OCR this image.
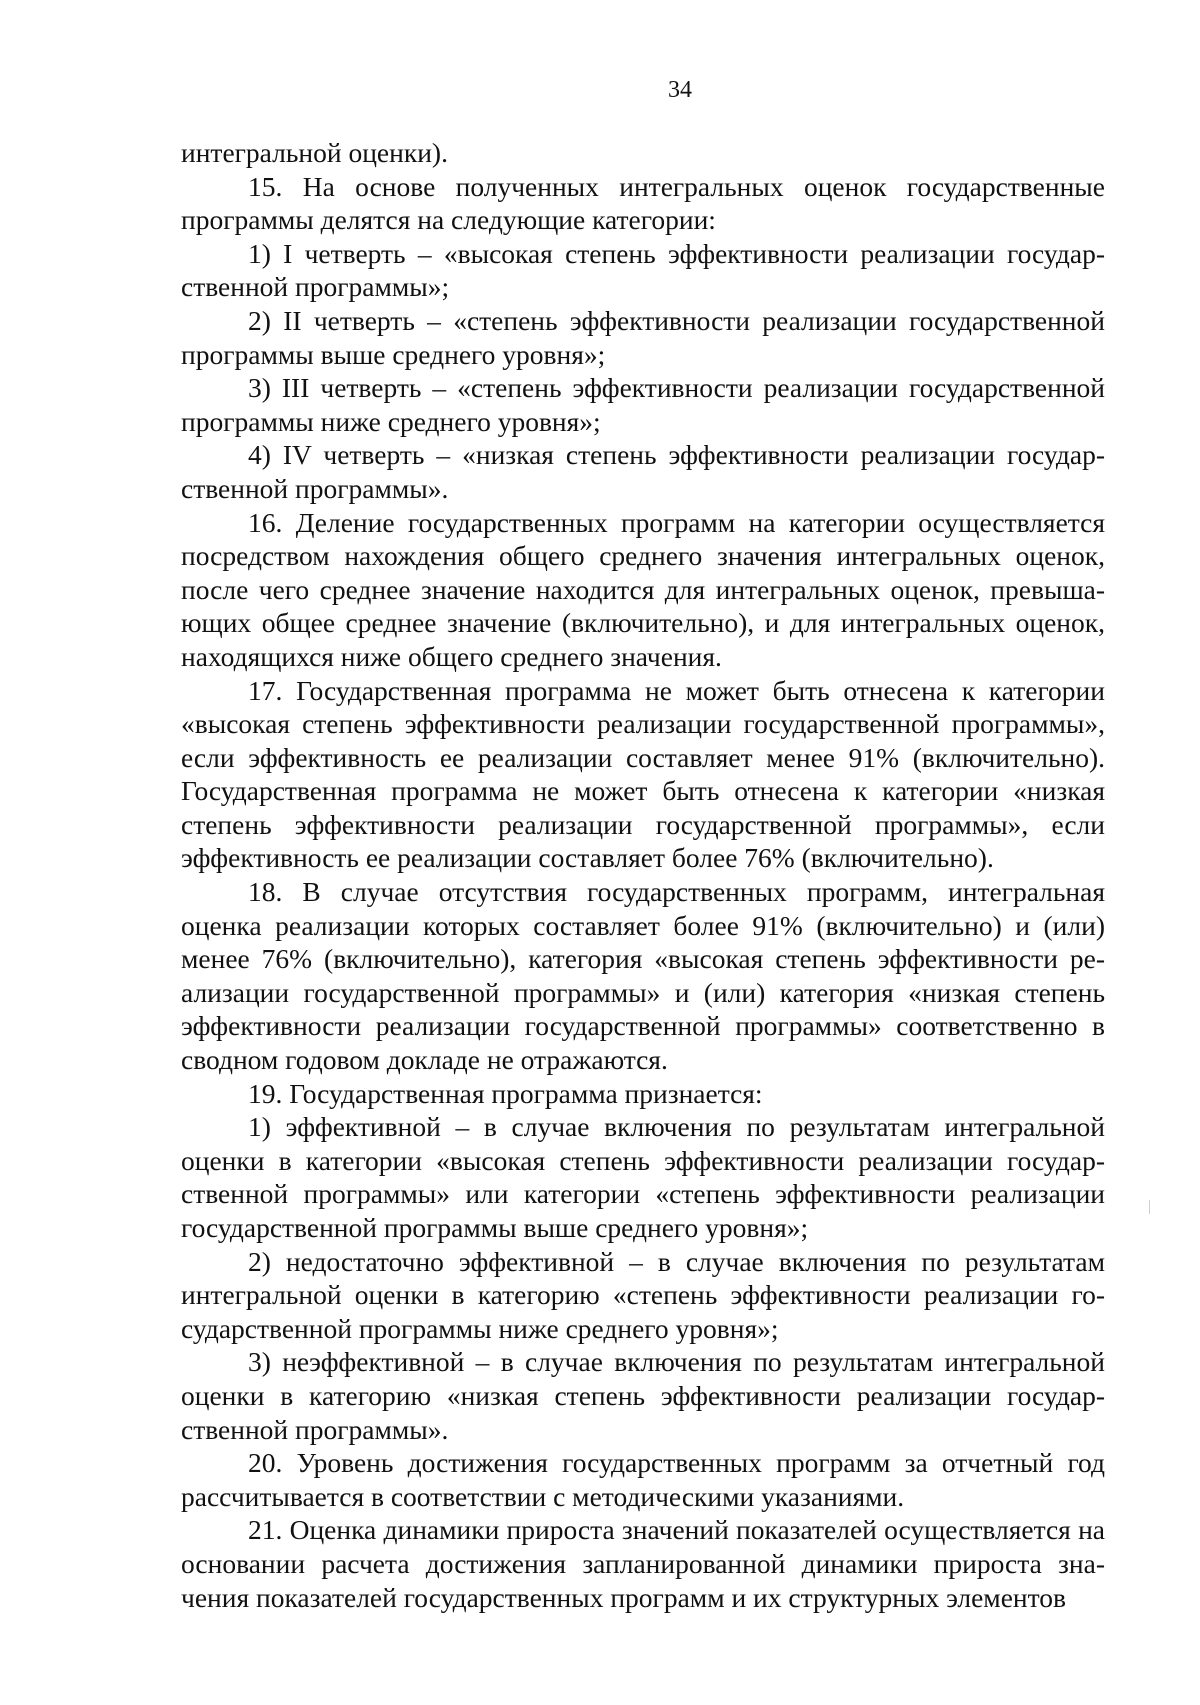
34

интегральной оценки).

15. На основе полученных интегральных оценок государственные программы делятся на следующие категории:

1) I четверть – «высокая степень эффективности реализации государственной программы»;

2) II четверть – «степень эффективности реализации государственной программы выше среднего уровня»;

3) III четверть – «степень эффективности реализации государственной программы ниже среднего уровня»;

4) IV четверть – «низкая степень эффективности реализации государственной программы».

16. Деление государственных программ на категории осуществляется посредством нахождения общего среднего значения интегральных оценок, после чего среднее значение находится для интегральных оценок, превышающих общее среднее значение (включительно), и для интегральных оценок, находящихся ниже общего среднего значения.

17. Государственная программа не может быть отнесена к категории «высокая степень эффективности реализации государственной программы», если эффективность ее реализации составляет менее 91% (включительно). Государственная программа не может быть отнесена к категории «низкая степень эффективности реализации государственной программы», если эффективность ее реализации составляет более 76% (включительно).

18. В случае отсутствия государственных программ, интегральная оценка реализации которых составляет более 91% (включительно) и (или) менее 76% (включительно), категория «высокая степень эффективности реализации государственной программы» и (или) категория «низкая степень эффективности реализации государственной программы» соответственно в сводном годовом докладе не отражаются.

19. Государственная программа признается:

1) эффективной – в случае включения по результатам интегральной оценки в категории «высокая степень эффективности реализации государственной программы» или категории «степень эффективности реализации государственной программы выше среднего уровня»;

2) недостаточно эффективной – в случае включения по результатам интегральной оценки в категорию «степень эффективности реализации государственной программы ниже среднего уровня»;

3) неэффективной – в случае включения по результатам интегральной оценки в категорию «низкая степень эффективности реализации государственной программы».

20. Уровень достижения государственных программ за отчетный год рассчитывается в соответствии с методическими указаниями.

21. Оценка динамики прироста значений показателей осуществляется на основании расчета достижения запланированной динамики прироста значения показателей государственных программ и их структурных элементов
